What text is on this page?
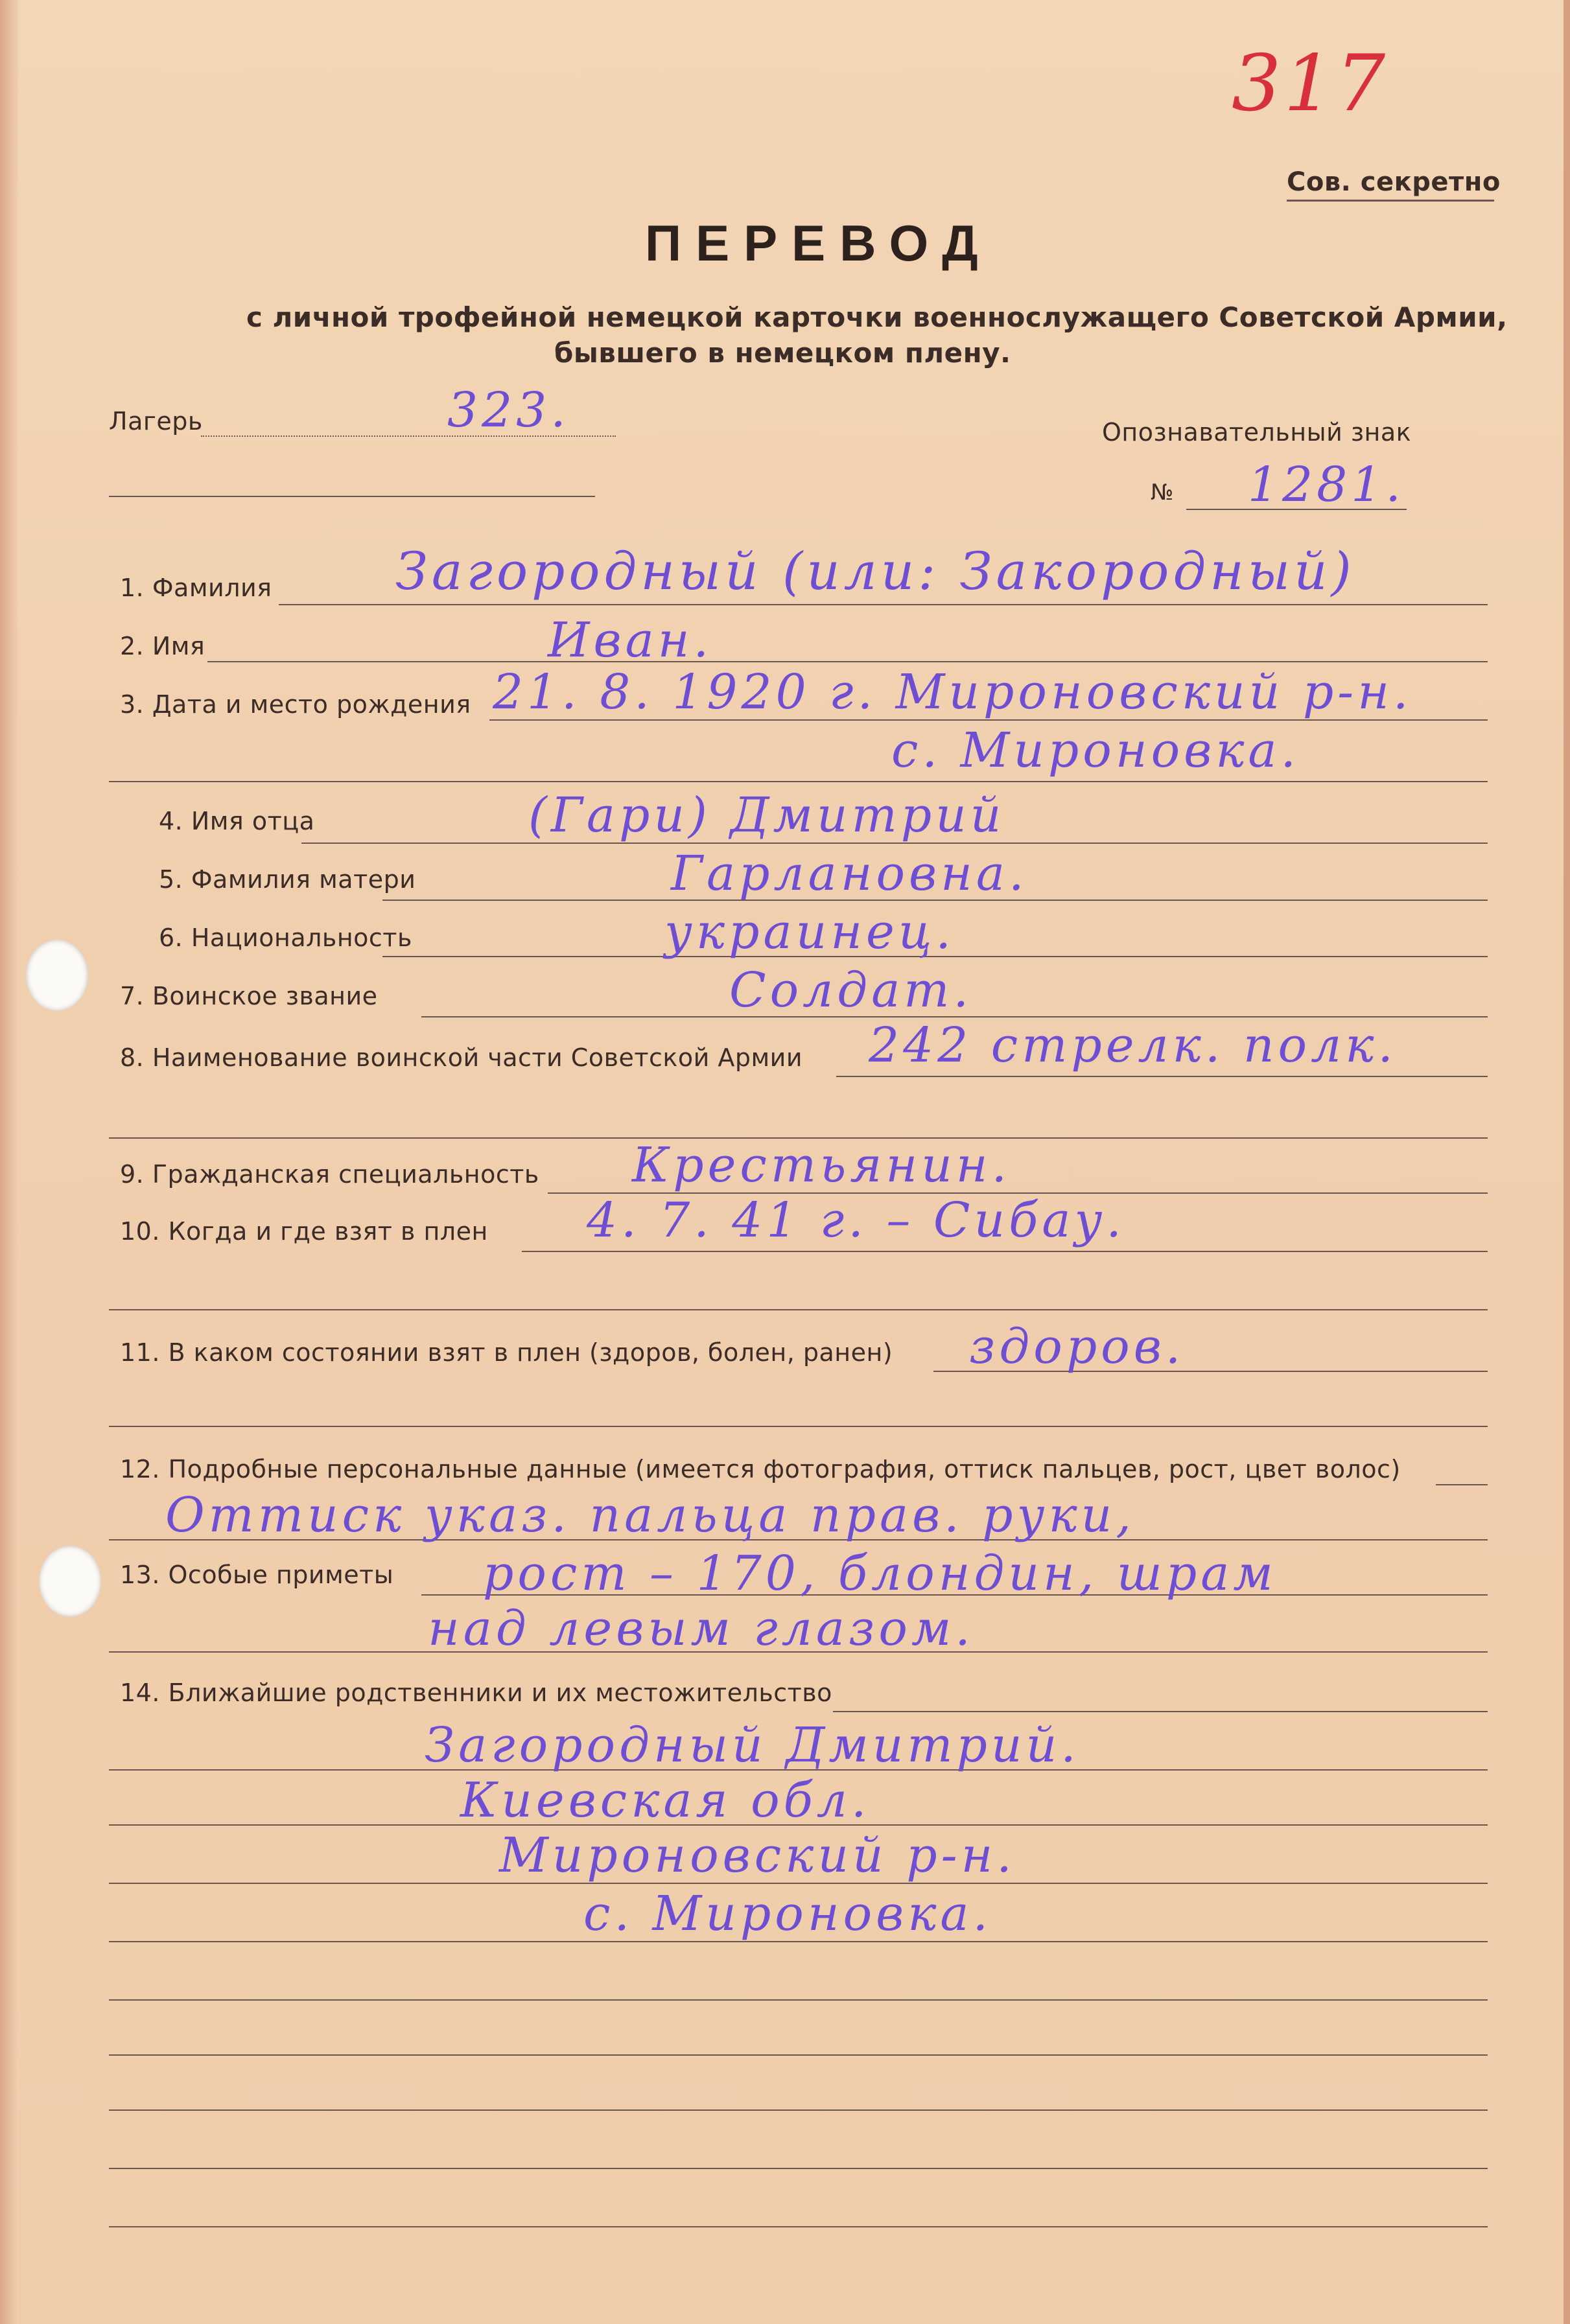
317
Сов. секретно
ПЕРЕВОД
с личной трофейной немецкой карточки военнослужащего Советской Армии,
бывшего в немецком плену.
Лагерь	323.	Опознавательный знак
№ 1281.
1. Фамилия Загородный (или: Закородный)
2. Имя	Иван.
3. Дата и место рождения 21. 8. 1920 г. Мироновский р-н.
с. Мироновка.
4. Имя отца	(Гари) Дмитрий
5. Фамилия матери	Гарлановна.
6. Национальность	украинец.
7. Воинское звание	Солдат.
8. Наименование воинской части Советской Армии 242 стрелк. полк.
9. Гражданская специальность Крестьянин.
10. Когда и где взят в плен 4. 7. 41 г. – Сибау.
11. В каком состоянии взят в плен (здоров, болен, ранен) здоров.
12. Подробные персональные данные (имеется фотография, оттиск пальцев, рост, цвет волос)
Оттиск указ. пальца прав. руки,
13. Особые приметы рост – 170, блондин, шрам
над левым глазом.
14. Ближайшие родственники и их местожительство
Загородный Дмитрий.
Киевская обл.
Мироновский р-н.
с. Мироновка.
